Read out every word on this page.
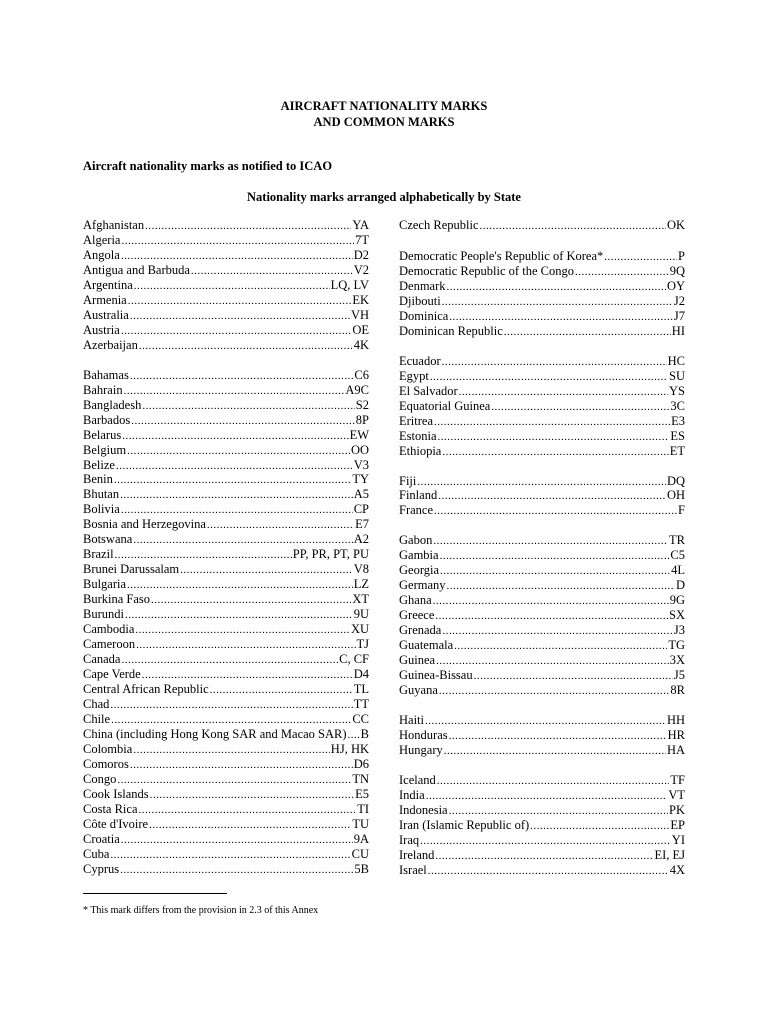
AIRCRAFT NATIONALITY MARKS
AND COMMON MARKS
Aircraft nationality marks as notified to ICAO
Nationality marks arranged alphabetically by State
Afghanistan .....	YA
Algeria .....	7T
Angola .....	D2
Antigua and Barbuda .....	V2
Argentina .....	LQ, LV
Armenia .....	EK
Australia .....	VH
Austria .....	OE
Azerbaijan .....	4K
Bahamas .....	C6
Bahrain .....	A9C
Bangladesh .....	S2
Barbados .....	8P
Belarus .....	EW
Belgium .....	OO
Belize .....	V3
Benin .....	TY
Bhutan .....	A5
Bolivia .....	CP
Bosnia and Herzegovina .....	E7
Botswana .....	A2
Brazil .....	PP, PR, PT, PU
Brunei Darussalam .....	V8
Bulgaria .....	LZ
Burkina Faso .....	XT
Burundi .....	9U
Cambodia .....	XU
Cameroon .....	TJ
Canada .....	C, CF
Cape Verde .....	D4
Central African Republic .....	TL
Chad .....	TT
Chile .....	CC
China (including Hong Kong SAR and Macao SAR) ..... B
Colombia .....	HJ, HK
Comoros .....	D6
Congo .....	TN
Cook Islands .....	E5
Costa Rica .....	TI
Côte d'Ivoire .....	TU
Croatia .....	9A
Cuba .....	CU
Cyprus .....	5B
Czech Republic .....	OK
Democratic People's Republic of Korea* .....	P
Democratic Republic of the Congo .....	9Q
Denmark .....	OY
Djibouti .....	J2
Dominica .....	J7
Dominican Republic .....	HI
Ecuador .....	HC
Egypt .....	SU
El Salvador .....	YS
Equatorial Guinea .....	3C
Eritrea .....	E3
Estonia .....	ES
Ethiopia .....	ET
Fiji .....	DQ
Finland .....	OH
France .....	F
Gabon .....	TR
Gambia .....	C5
Georgia .....	4L
Germany .....	D
Ghana .....	9G
Greece .....	SX
Grenada .....	J3
Guatemala .....	TG
Guinea .....	3X
Guinea-Bissau .....	J5
Guyana .....	8R
Haiti .....	HH
Honduras .....	HR
Hungary .....	HA
Iceland .....	TF
India .....	VT
Indonesia .....	PK
Iran (Islamic Republic of) .....	EP
Iraq .....	YI
Ireland .....	EI, EJ
Israel .....	4X
* This mark differs from the provision in 2.3 of this Annex
